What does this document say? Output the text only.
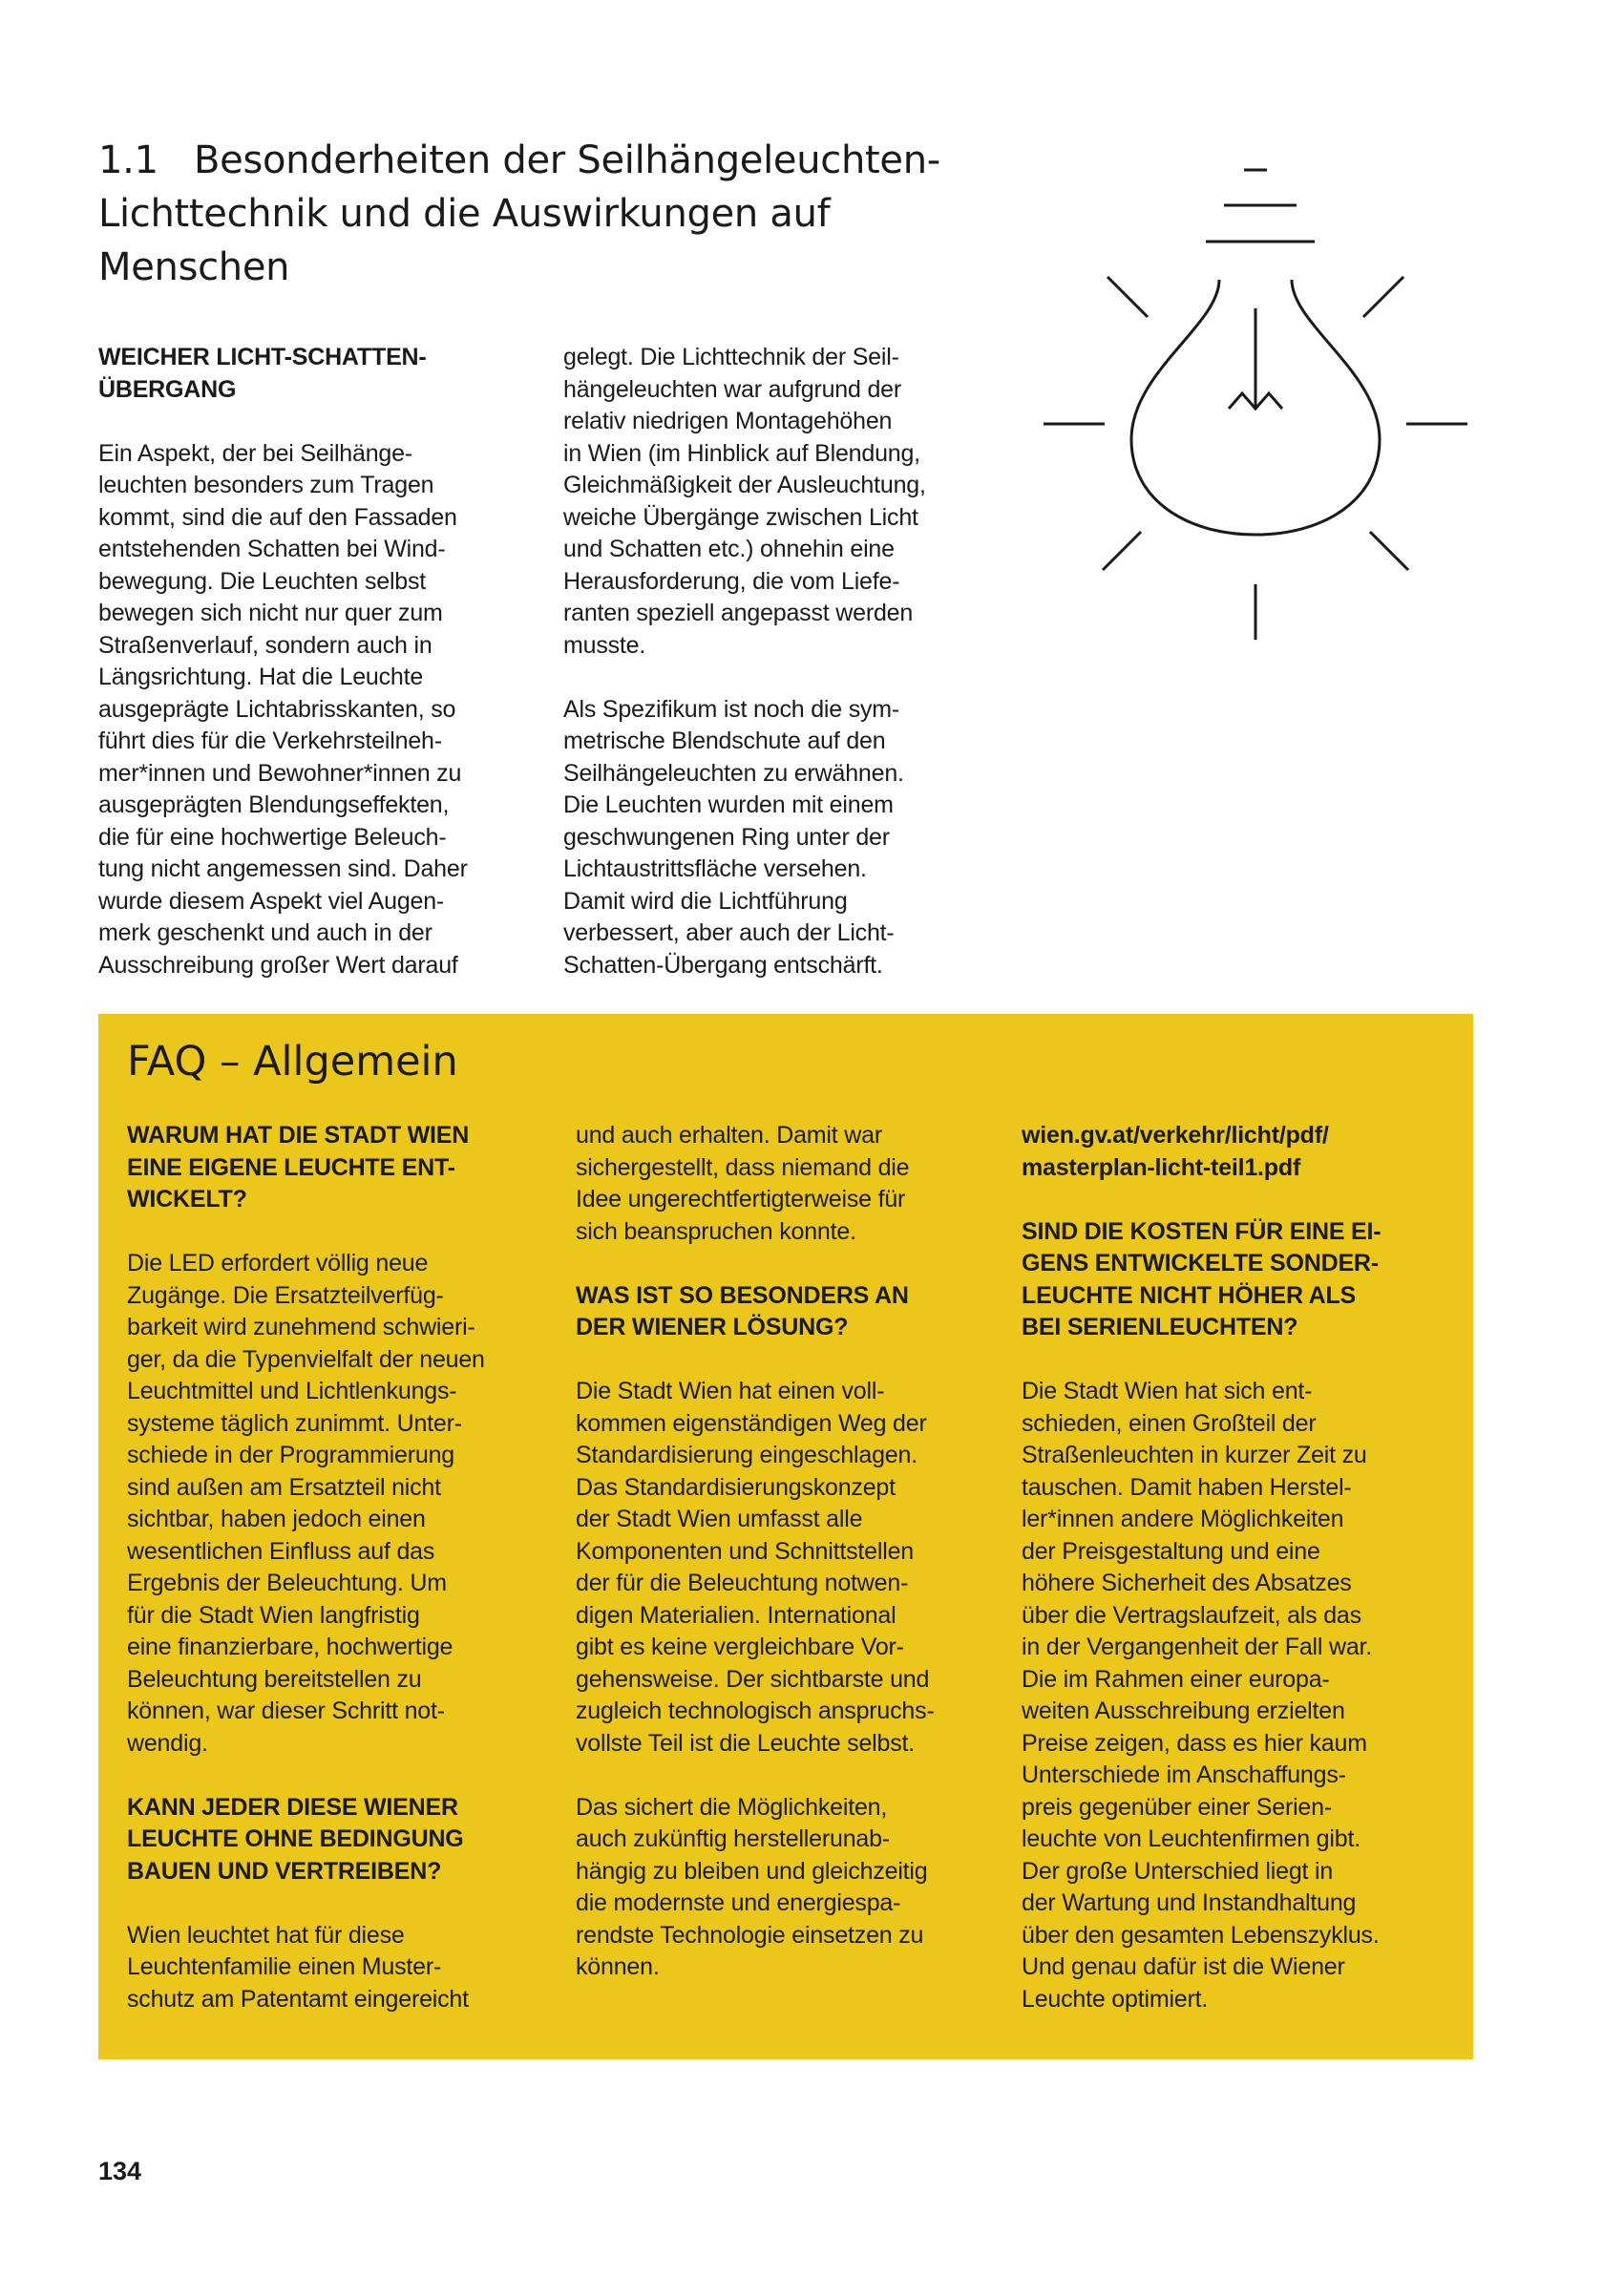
1.1 Besonderheiten der Seilhängeleuchten-
Lichttechnik und die Auswirkungen auf
Menschen
WEICHER LICHT-SCHATTEN-
ÜBERGANG

Ein Aspekt, der bei Seilhänge-
leuchten besonders zum Tragen
kommt, sind die auf den Fassaden
entstehenden Schatten bei Wind-
bewegung. Die Leuchten selbst
bewegen sich nicht nur quer zum
Straßenverlauf, sondern auch in
Längsrichtung. Hat die Leuchte
ausgeprägte Lichtabrisskanten, so
führt dies für die Verkehrsteilneh-
mer*innen und Bewohner*innen zu
ausgeprägten Blendungseffekten,
die für eine hochwertige Beleuch-
tung nicht angemessen sind. Daher
wurde diesem Aspekt viel Augen-
merk geschenkt und auch in der
Ausschreibung großer Wert darauf

gelegt. Die Lichttechnik der Seil-
hängeleuchten war aufgrund der
relativ niedrigen Montagehöhen
in Wien (im Hinblick auf Blendung,
Gleichmäßigkeit der Ausleuchtung,
weiche Übergänge zwischen Licht
und Schatten etc.) ohnehin eine
Herausforderung, die vom Liefe-
ranten speziell angepasst werden
musste.

Als Spezifikum ist noch die sym-
metrische Blendschute auf den
Seilhängeleuchten zu erwähnen.
Die Leuchten wurden mit einem
geschwungenen Ring unter der
Lichtaustrittsfläche versehen.
Damit wird die Lichtführung
verbessert, aber auch der Licht-
Schatten-Übergang entschärft.

FAQ – Allgemein
WARUM HAT DIE STADT WIEN
EINE EIGENE LEUCHTE ENT-
WICKELT?

Die LED erfordert völlig neue
Zugänge. Die Ersatzteilverfüg-
barkeit wird zunehmend schwieri-
ger, da die Typenvielfalt der neuen
Leuchtmittel und Lichtlenkungs-
systeme täglich zunimmt. Unter-
schiede in der Programmierung
sind außen am Ersatzteil nicht
sichtbar, haben jedoch einen
wesentlichen Einfluss auf das
Ergebnis der Beleuchtung. Um
für die Stadt Wien langfristig
eine finanzierbare, hochwertige
Beleuchtung bereitstellen zu
können, war dieser Schritt not-
wendig.

KANN JEDER DIESE WIENER
LEUCHTE OHNE BEDINGUNG
BAUEN UND VERTREIBEN?

Wien leuchtet hat für diese
Leuchtenfamilie einen Muster-
schutz am Patentamt eingereicht

und auch erhalten. Damit war
sichergestellt, dass niemand die
Idee ungerechtfertigterweise für
sich beanspruchen konnte.

WAS IST SO BESONDERS AN
DER WIENER LÖSUNG?

Die Stadt Wien hat einen voll-
kommen eigenständigen Weg der
Standardisierung eingeschlagen.
Das Standardisierungskonzept
der Stadt Wien umfasst alle
Komponenten und Schnittstellen
der für die Beleuchtung notwen-
digen Materialien. International
gibt es keine vergleichbare Vor-
gehensweise. Der sichtbarste und
zugleich technologisch anspruchs-
vollste Teil ist die Leuchte selbst.

Das sichert die Möglichkeiten,
auch zukünftig herstellerunab-
hängig zu bleiben und gleichzeitig
die modernste und energiespa-
rendste Technologie einsetzen zu
können.

wien.gv.at/verkehr/licht/pdf/
masterplan-licht-teil1.pdf
SIND DIE KOSTEN FÜR EINE EI-
GENS ENTWICKELTE SONDER-
LEUCHTE NICHT HÖHER ALS
BEI SERIENLEUCHTEN?

Die Stadt Wien hat sich ent-
schieden, einen Großteil der
Straßenleuchten in kurzer Zeit zu
tauschen. Damit haben Herstel-
ler*innen andere Möglichkeiten
der Preisgestaltung und eine
höhere Sicherheit des Absatzes
über die Vertragslaufzeit, als das
in der Vergangenheit der Fall war.
Die im Rahmen einer europa-
weiten Ausschreibung erzielten
Preise zeigen, dass es hier kaum
Unterschiede im Anschaffungs-
preis gegenüber einer Serien-
leuchte von Leuchtenfirmen gibt.
Der große Unterschied liegt in
der Wartung und Instandhaltung
über den gesamten Lebenszyklus.
Und genau dafür ist die Wiener
Leuchte optimiert.

134
